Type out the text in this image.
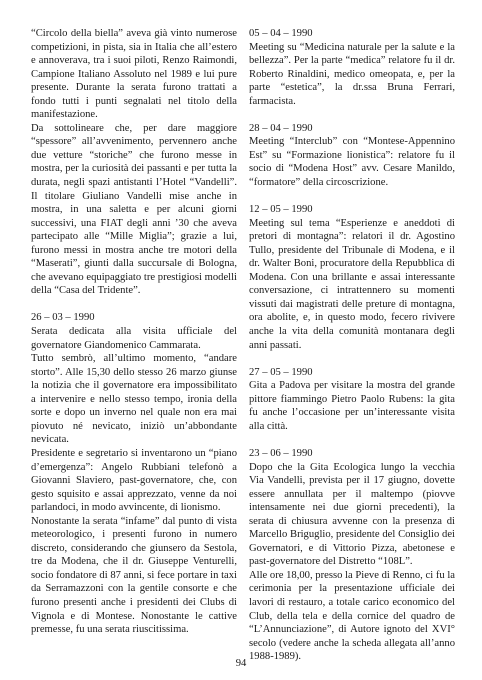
“Circolo della biella” aveva già vinto numerose competizioni, in pista, sia in Italia che all’estero e annoverava, tra i suoi piloti, Renzo Raimondi, Campione Italiano Assoluto nel 1989 e lui pure presente. Durante la serata furono trattati a fondo tutti i punti segnalati nel titolo della manifestazione.

Da sottolineare che, per dare maggiore “spessore” all’avvenimento, pervennero anche due vetture “storiche” che furono messe in mostra, per la curiosità dei passanti e per tutta la durata, negli spazi antistanti l’Hotel “Vandelli”. Il titolare Giuliano Vandelli mise anche in mostra, in una saletta e per alcuni giorni successivi, una FIAT degli anni ’30 che aveva partecipato alle “Mille Miglia”; grazie a lui, furono messi in mostra anche tre motori della “Maserati”, giunti dalla succursale di Bologna, che avevano equipaggiato tre prestigiosi modelli della “Casa del Tridente”.

26 – 03 – 1990

Serata dedicata alla visita ufficiale del governatore Giandomenico Cammarata.

Tutto sembrò, all’ultimo momento, “andare storto”. Alle 15,30 dello stesso 26 marzo giunse la notizia che il governatore era impossibilitato a intervenire e nello stesso tempo, ironia della sorte e dopo un inverno nel quale non era mai piovuto né nevicato, iniziò un’abbondante nevicata.

Presidente e segretario si inventarono un “piano d’emergenza”: Angelo Rubbiani telefonò a Giovanni Slaviero, past-governatore, che, con gesto squisito e assai apprezzato, venne da noi parlandoci, in modo avvincente, di lionismo.

Nonostante la serata “infame” dal punto di vista meteorologico, i presenti furono in numero discreto, considerando che giunsero da Sestola, tre da Modena, che il dr. Giuseppe Venturelli, socio fondatore di 87 anni, si fece portare in taxi da Serramazzoni con la gentile consorte e che furono presenti anche i presidenti dei Clubs di Vignola e di Montese. Nonostante le cattive premesse, fu una serata riuscitissima.

05 – 04 – 1990

Meeting su “Medicina naturale per la salute e la bellezza”. Per la parte “medica” relatore fu il dr. Roberto Rinaldini, medico omeopata, e, per la parte “estetica”, la dr.ssa Bruna Ferrari, farmacista.

28 – 04 – 1990

Meeting “Interclub” con “Montese-Appennino Est” su “Formazione lionistica”: relatore fu il socio di “Modena Host” avv. Cesare Manildo, “formatore” della circoscrizione.

12 – 05 – 1990

Meeting sul tema “Esperienze e aneddoti di pretori di montagna”: relatori il dr. Agostino Tullo, presidente del Tribunale di Modena, e il dr. Walter Boni, procuratore della Repubblica di Modena. Con una brillante e assai interessante conversazione, ci intrattennero su momenti vissuti dai magistrati delle preture di montagna, ora abolite, e, in questo modo, fecero rivivere anche la vita della comunità montanara degli anni passati.

27 – 05 – 1990

Gita a Padova per visitare la mostra del grande pittore fiammingo Pietro Paolo Rubens: la gita fu anche l’occasione per un’interessante visita alla città.

23 – 06 – 1990

Dopo che la Gita Ecologica lungo la vecchia Via Vandelli, prevista per il 17 giugno, dovette essere annullata per il maltempo (piovve intensamente nei due giorni precedenti), la serata di chiusura avvenne con la presenza di Marcello Briguglio, presidente del Consiglio dei Governatori, e di Vittorio Pizza, abetonese e past-governatore del Distretto “108L”.

Alle ore 18,00, presso la Pieve di Renno, ci fu la cerimonia per la presentazione ufficiale dei lavori di restauro, a totale carico economico del Club, della tela e della cornice del quadro de “L’Annunciazione”, di Autore ignoto del XVI° secolo (vedere anche la scheda allegata all’anno 1988-1989).

94
